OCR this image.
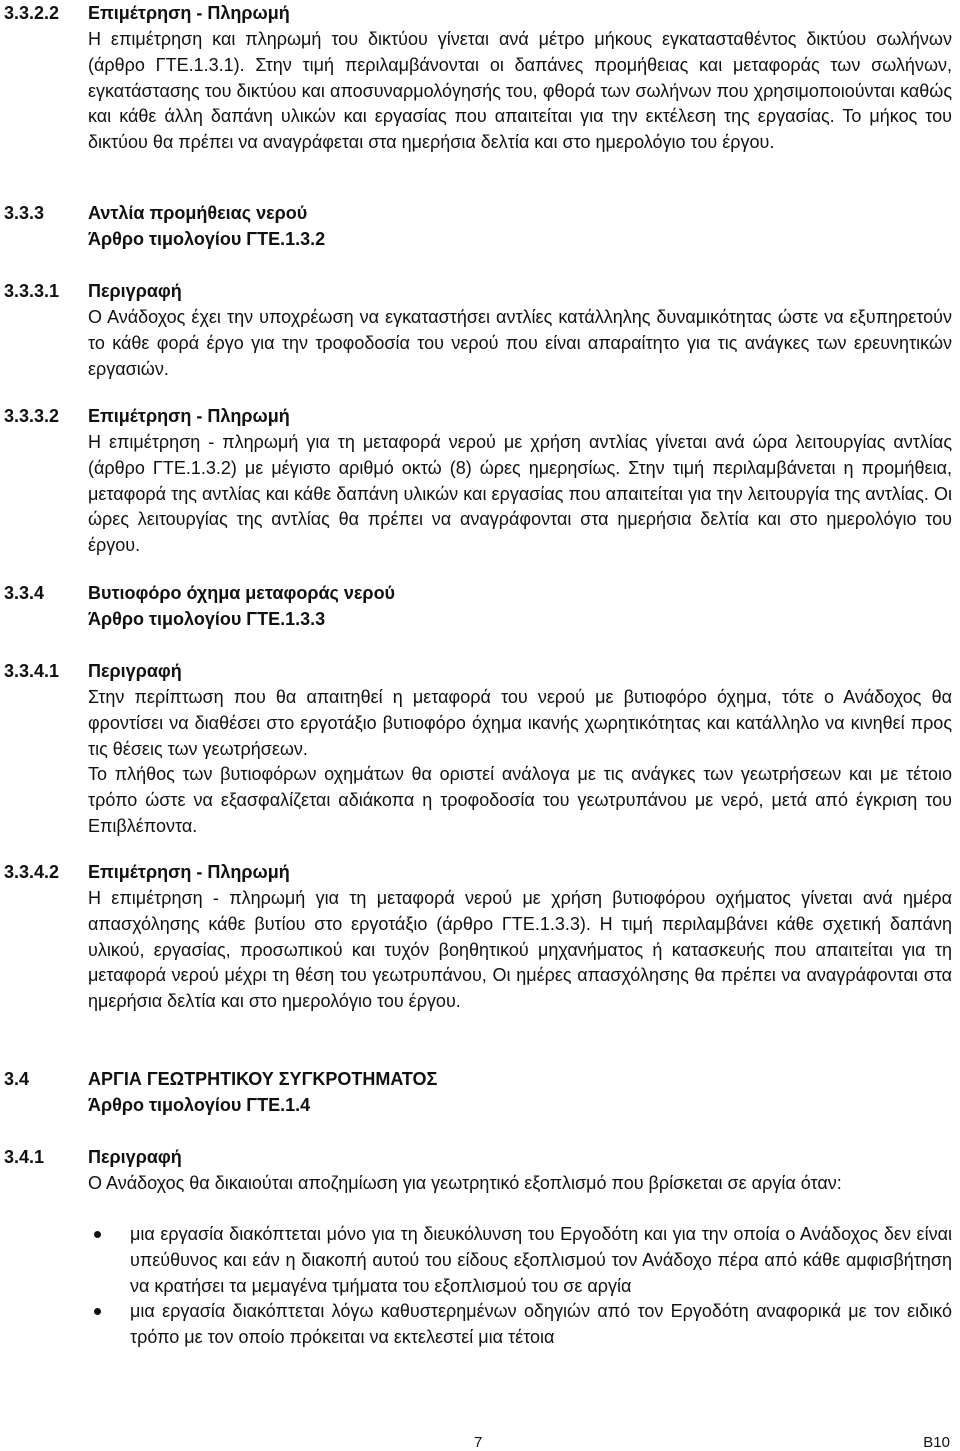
3.3.2.2	Επιμέτρηση - Πληρωμή

Η επιμέτρηση και πληρωμή του δικτύου γίνεται ανά μέτρο μήκους εγκατασταθέντος δικτύου σωλήνων (άρθρο ΓΤΕ.1.3.1). Στην τιμή περιλαμβάνονται οι δαπάνες προμήθειας και μεταφοράς των σωλήνων, εγκατάστασης του δικτύου και αποσυναρμολόγησής του, φθορά των σωλήνων που χρησιμοποιούνται καθώς και κάθε άλλη δαπάνη υλικών και εργασίας που απαιτείται για την εκτέλεση της εργασίας. Το μήκος του δικτύου θα πρέπει να αναγράφεται στα ημερήσια δελτία και στο ημερολόγιο του έργου.

3.3.3	Αντλία προμήθειας νερού
Άρθρο τιμολογίου ΓΤΕ.1.3.2
3.3.3.1	Περιγραφή

Ο Ανάδοχος έχει την υποχρέωση να εγκαταστήσει αντλίες κατάλληλης δυναμικότητας ώστε να εξυπηρετούν το κάθε φορά έργο για την τροφοδοσία του νερού που είναι απαραίτητο για τις ανάγκες των ερευνητικών εργασιών.

3.3.3.2	Επιμέτρηση - Πληρωμή

Η επιμέτρηση - πληρωμή για τη μεταφορά νερού με χρήση αντλίας γίνεται ανά ώρα λειτουργίας αντλίας (άρθρο ΓΤΕ.1.3.2) με μέγιστο αριθμό οκτώ (8) ώρες ημερησίως. Στην τιμή περιλαμβάνεται η προμήθεια, μεταφορά της αντλίας και κάθε δαπάνη υλικών και εργασίας που απαιτείται για την λειτουργία της αντλίας. Οι ώρες λειτουργίας της αντλίας θα πρέπει να αναγράφονται στα ημερήσια δελτία και στο ημερολόγιο του έργου.

3.3.4	Βυτιοφόρο όχημα μεταφοράς νερού
Άρθρο τιμολογίου ΓΤΕ.1.3.3
3.3.4.1	Περιγραφή

Στην περίπτωση που θα απαιτηθεί η μεταφορά του νερού με βυτιοφόρο όχημα, τότε ο Ανάδοχος θα φροντίσει να διαθέσει στο εργοτάξιο βυτιοφόρο όχημα ικανής χωρητικότητας και κατάλληλο να κινηθεί προς τις θέσεις των γεωτρήσεων.

Το πλήθος των βυτιοφόρων οχημάτων θα οριστεί ανάλογα με τις ανάγκες των γεωτρήσεων και με τέτοιο τρόπο ώστε να εξασφαλίζεται αδιάκοπα η τροφοδοσία του γεωτρυπάνου με νερό, μετά από έγκριση του Επιβλέποντα.

3.3.4.2	Επιμέτρηση - Πληρωμή

Η επιμέτρηση - πληρωμή για τη μεταφορά νερού με χρήση βυτιοφόρου οχήματος γίνεται ανά ημέρα απασχόλησης κάθε βυτίου στο εργοτάξιο (άρθρο ΓΤΕ.1.3.3). Η τιμή περιλαμβάνει κάθε σχετική δαπάνη υλικού, εργασίας, προσωπικού και τυχόν βοηθητικού μηχανήματος ή κατασκευής που απαιτείται για τη μεταφορά νερού μέχρι τη θέση του γεωτρυπάνου, Οι ημέρες απασχόλησης θα πρέπει να αναγράφονται στα ημερήσια δελτία και στο ημερολόγιο του έργου.

3.4	ΑΡΓΙΑ ΓΕΩΤΡΗΤΙΚΟΥ ΣΥΓΚΡΟΤΗΜΑΤΟΣ
Άρθρο τιμολογίου ΓΤΕ.1.4
3.4.1	Περιγραφή

Ο Ανάδοχος θα δικαιούται αποζημίωση για γεωτρητικό εξοπλισμό που βρίσκεται σε αργία όταν:

μια εργασία διακόπτεται μόνο για τη διευκόλυνση του Εργοδότη και για την οποία ο Ανάδοχος δεν είναι υπεύθυνος και εάν η διακοπή αυτού του είδους εξοπλισμού τον Ανάδοχο πέρα από κάθε αμφισβήτηση να κρατήσει τα μεμαγένα τμήματα του εξοπλισμού του σε αργία
μια εργασία διακόπτεται λόγω καθυστερημένων οδηγιών από τον Εργοδότη αναφορικά με τον ειδικό τρόπο με τον οποίο πρόκειται να εκτελεστεί μια τέτοια
7	B10
